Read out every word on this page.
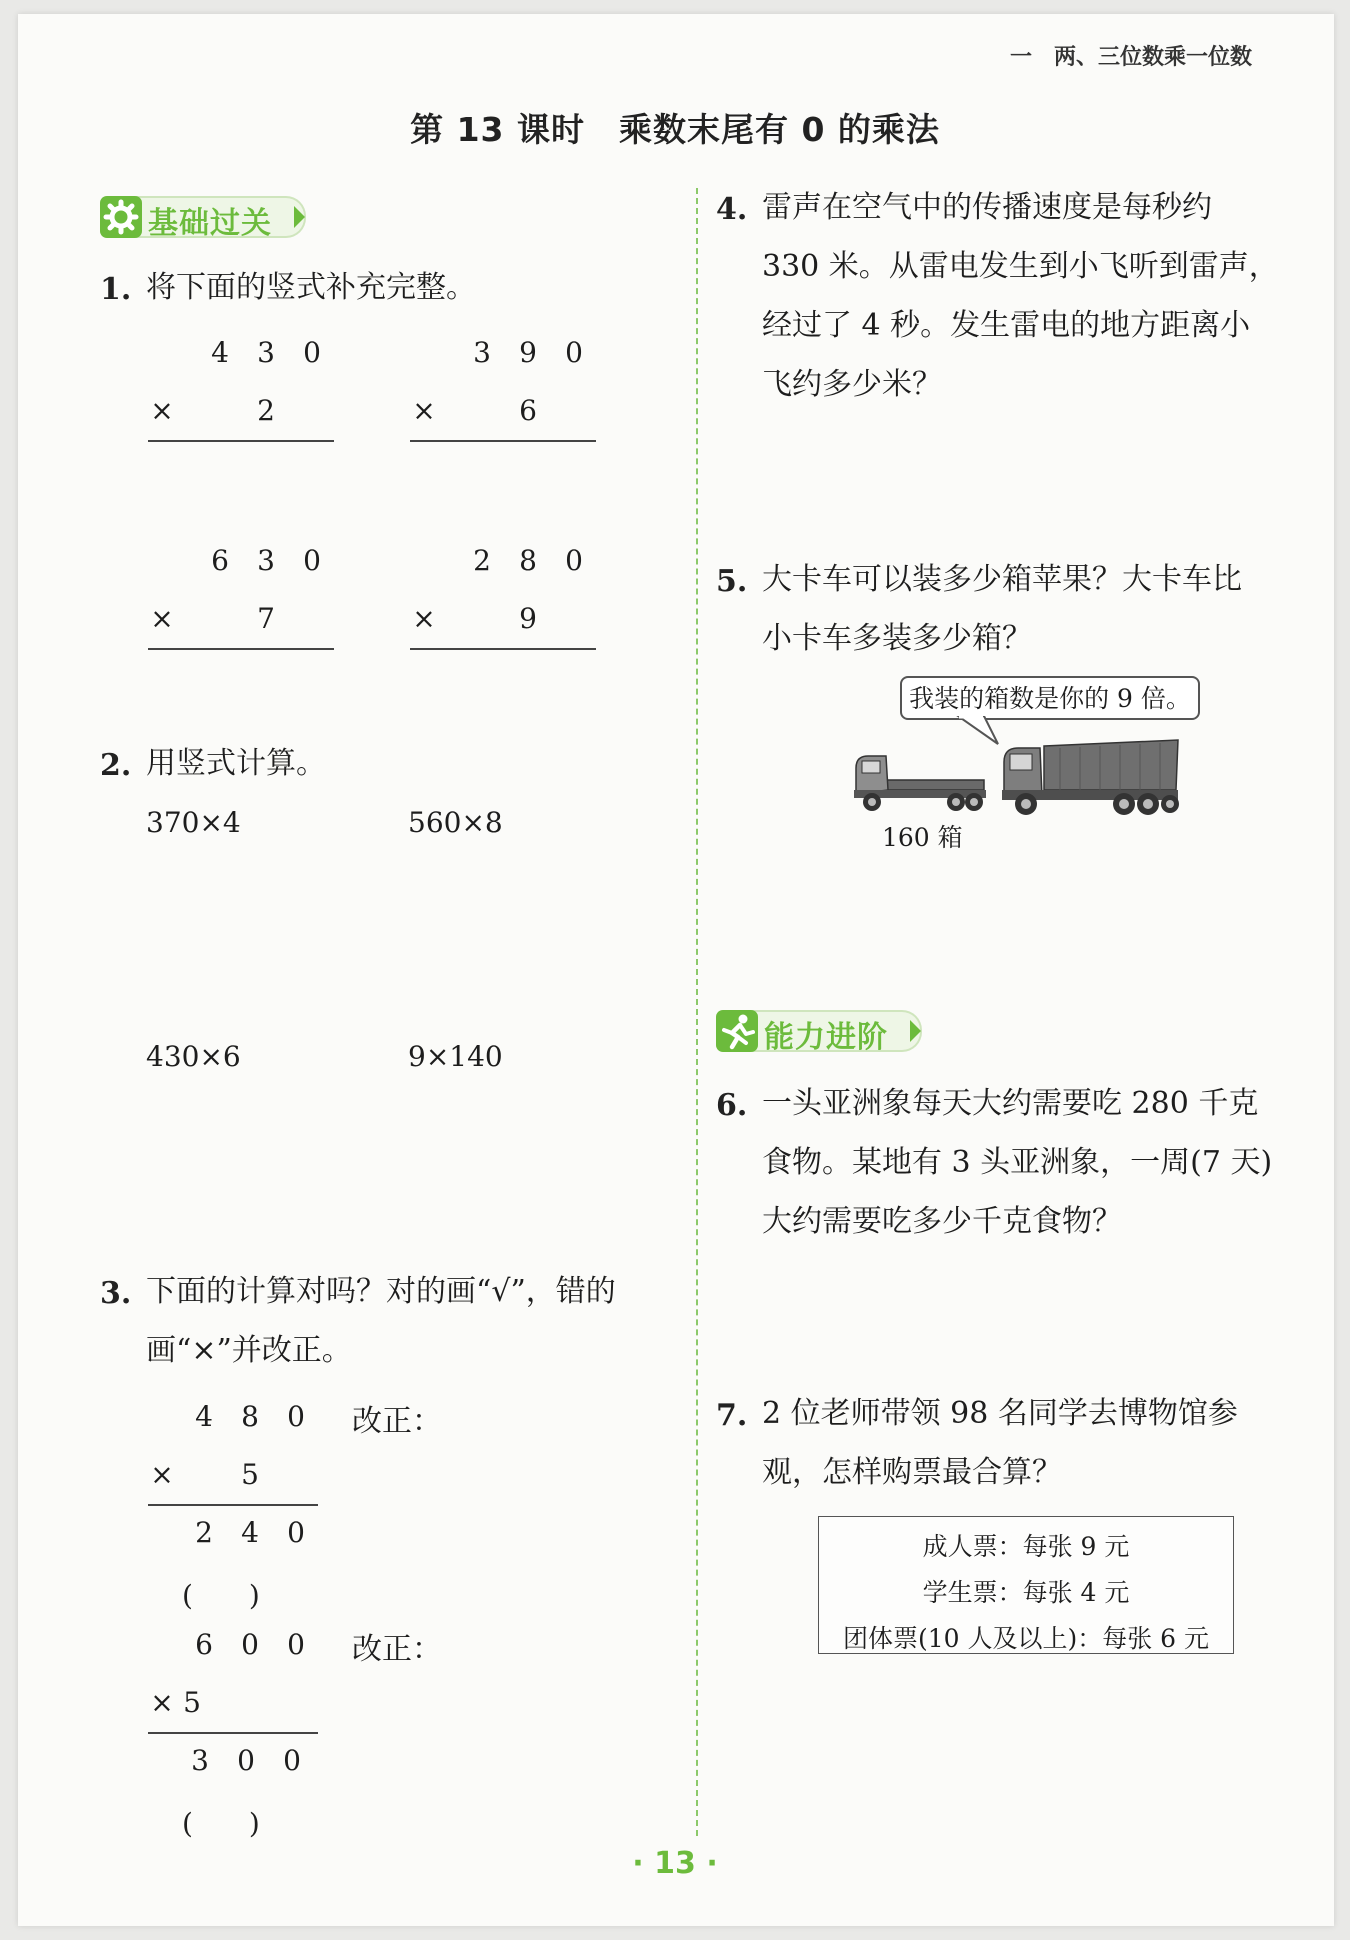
一　两、三位数乘一位数
第 13 课时　乘数末尾有 0 的乘法
基础过关
1. 将下面的竖式补充完整。
4 3 0
×	2
3 9 0
×	6
6 3 0
×	7
2 8 0
×	9
2. 用竖式计算。
370×4	560×8
430×6	9×140
3. 下面的计算对吗？对的画“√”，错的
画“×”并改正。
4 8 0
× 5
2 4 0
(　　)
改正：
6 0 0
× 5
3 0 0
(　　)
改正：
4. 雷声在空气中的传播速度是每秒约
330 米。从雷电发生到小飞听到雷声，
经过了 4 秒。发生雷电的地方距离小
飞约多少米？
5. 大卡车可以装多少箱苹果？大卡车比
小卡车多装多少箱？
我装的箱数是你的 9 倍。
160 箱
能力进阶
6. 一头亚洲象每天大约需要吃 280 千克
食物。某地有 3 头亚洲象，一周(7 天)
大约需要吃多少千克食物？
7. 2 位老师带领 98 名同学去博物馆参
观，怎样购票最合算？
成人票：每张 9 元
学生票：每张 4 元
团体票(10 人及以上)：每张 6 元
· 13 ·
